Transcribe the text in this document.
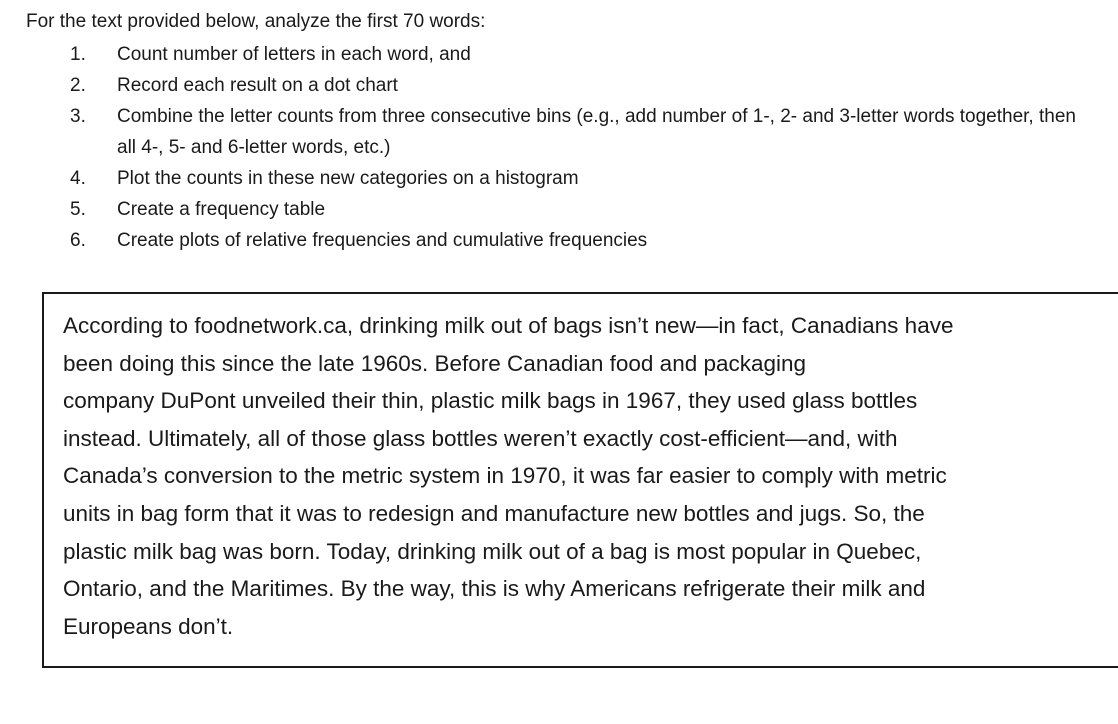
For the text provided below, analyze the first 70 words:
1. Count number of letters in each word, and
2. Record each result on a dot chart
3. Combine the letter counts from three consecutive bins (e.g., add number of 1-, 2- and 3-letter words together, then all 4-, 5- and 6-letter words, etc.)
4. Plot the counts in these new categories on a histogram
5. Create a frequency table
6. Create plots of relative frequencies and cumulative frequencies
According to foodnetwork.ca, drinking milk out of bags isn’t new—in fact, Canadians have
been doing this since the late 1960s. Before Canadian food and packaging
company DuPont unveiled their thin, plastic milk bags in 1967, they used glass bottles
instead. Ultimately, all of those glass bottles weren’t exactly cost-efficient—and, with
Canada’s conversion to the metric system in 1970, it was far easier to comply with metric
units in bag form that it was to redesign and manufacture new bottles and jugs. So, the
plastic milk bag was born. Today, drinking milk out of a bag is most popular in Quebec,
Ontario, and the Maritimes. By the way, this is why Americans refrigerate their milk and
Europeans don’t.
